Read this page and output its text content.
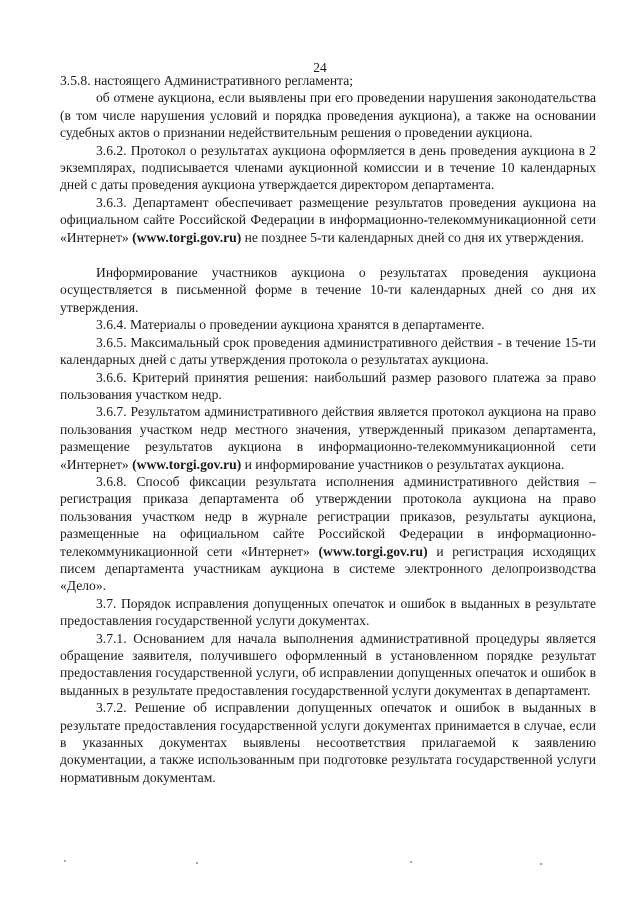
24

3.5.8. настоящего Административного регламента;

об отмене аукциона, если выявлены при его проведении нарушения законодательства (в том числе нарушения условий и порядка проведения аукциона), а также на основании судебных актов о признании недействительным решения о проведении аукциона.

3.6.2. Протокол о результатах аукциона оформляется в день проведения аукциона в 2 экземплярах, подписывается членами аукционной комиссии и в течение 10 календарных дней с даты проведения аукциона утверждается директором департамента.

3.6.3. Департамент обеспечивает размещение результатов проведения аукциона на официальном сайте Российской Федерации в информационно-телекоммуникационной сети «Интернет» (www.torgi.gov.ru) не позднее 5-ти календарных дней со дня их утверждения.

Информирование участников аукциона о результатах проведения аукциона осуществляется в письменной форме в течение 10-ти календарных дней со дня их утверждения.

3.6.4. Материалы о проведении аукциона хранятся в департаменте.

3.6.5. Максимальный срок проведения административного действия - в течение 15-ти календарных дней с даты утверждения протокола о результатах аукциона.

3.6.6. Критерий принятия решения: наибольший размер разового платежа за право пользования участком недр.

3.6.7. Результатом административного действия является протокол аукциона на право пользования участком недр местного значения, утвержденный приказом департамента, размещение результатов аукциона в информационно-телекоммуникационной сети «Интернет» (www.torgi.gov.ru) и информирование участников о результатах аукциона.

3.6.8. Способ фиксации результата исполнения административного действия – регистрация приказа департамента об утверждении протокола аукциона на право пользования участком недр в журнале регистрации приказов, результаты аукциона, размещенные на официальном сайте Российской Федерации в информационно-телекоммуникационной сети «Интернет» (www.torgi.gov.ru) и регистрация исходящих писем департамента участникам аукциона в системе электронного делопроизводства «Дело».

3.7. Порядок исправления допущенных опечаток и ошибок в выданных в результате предоставления государственной услуги документах.

3.7.1. Основанием для начала выполнения административной процедуры является обращение заявителя, получившего оформленный в установленном порядке результат предоставления государственной услуги, об исправлении допущенных опечаток и ошибок в выданных в результате предоставления государственной услуги документах в департамент.

3.7.2. Решение об исправлении допущенных опечаток и ошибок в выданных в результате предоставления государственной услуги документах принимается в случае, если в указанных документах выявлены несоответствия прилагаемой к заявлению документации, а также использованным при подготовке результата государственной услуги нормативным документам.
